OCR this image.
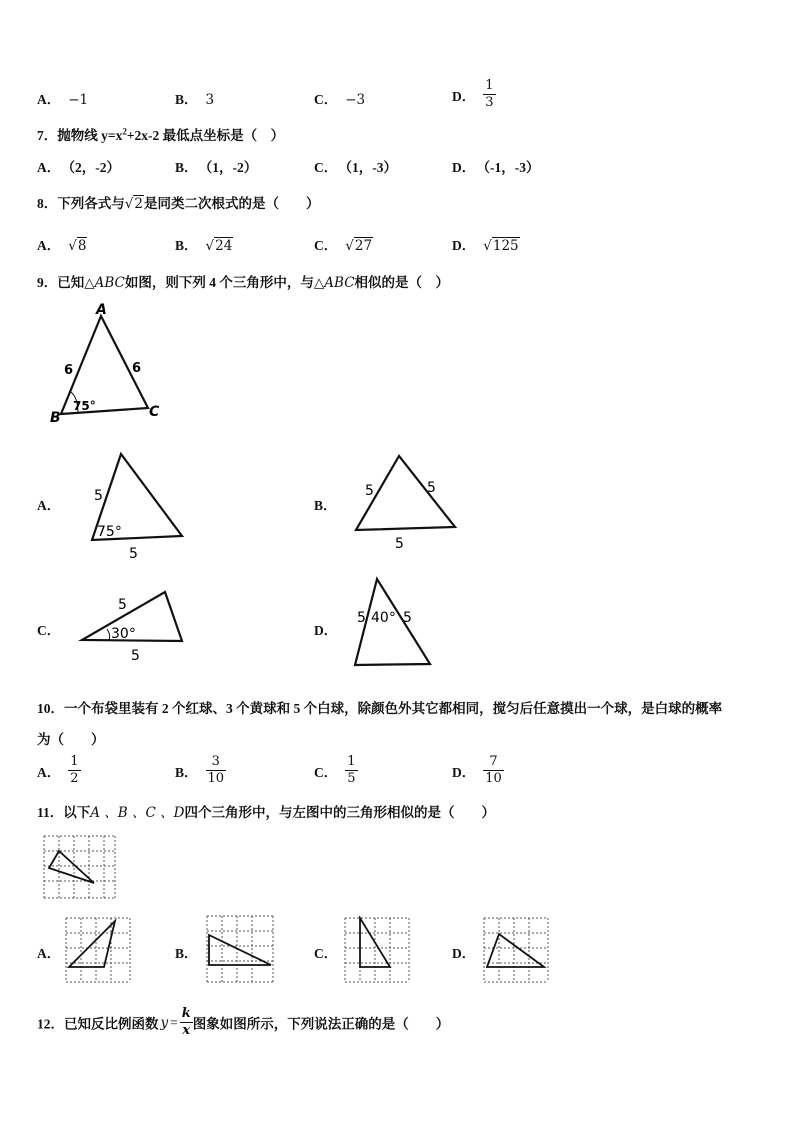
A． −1	B． 3	C． −3	D． $\frac{1}{3}$
7．抛物线 $y=x^2+2x-2$ 最低点坐标是（　）
A． （2，-2）	B． （1，-2）	C． （1，-3）	D． （-1，-3）
8．下列各式与√2是同类二次根式的是（　　）
A． √8	B． √24	C． √27	D． √125
9．已知△ABC如图，则下列 4 个三角形中，与△ABC相似的是（　）
A
B	C
6	6
75°
A．
5
75°
5
B．
5	5
5
C．
5
30°
5
D．
5 40° 5
10．一个布袋里装有 2 个红球、3 个黄球和 5 个白球，除颜色外其它都相同，搅匀后任意摸出一个球，是白球的概率
为（　　）
A． $\frac{1}{2}$	B． $\frac{3}{10}$	C． $\frac{1}{5}$	D． $\frac{7}{10}$
11．以下A 、B 、C 、D四个三角形中，与左图中的三角形相似的是（　　）
A．	B．	C．	D．
12．已知反比例函数 $y = \frac{k}{x}$ 图象如图所示，下列说法正确的是（　　）
